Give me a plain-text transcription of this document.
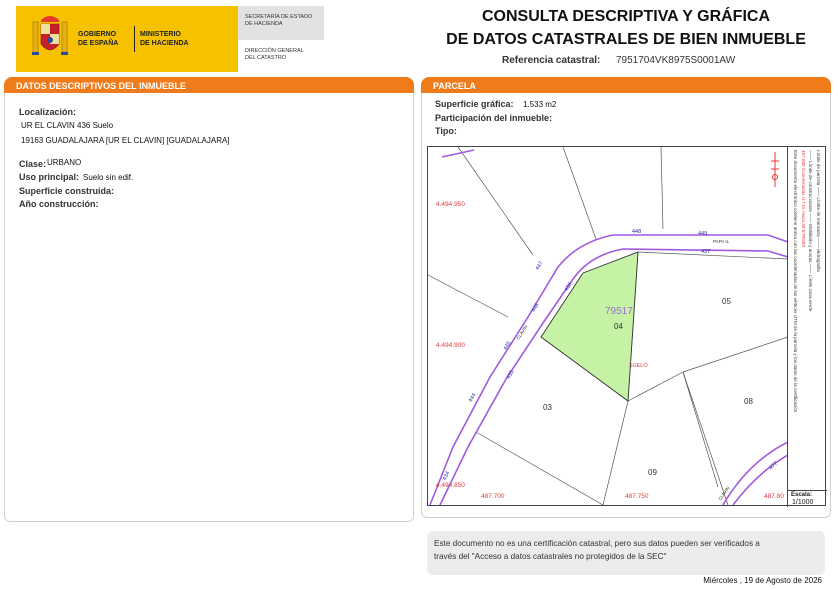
GOBIERNO
DE ESPAÑA
MINISTERIO
DE HACIENDA
SECRETARÍA DE ESTADO
DE HACIENDA
DIRECCIÓN GENERAL
DEL CATASTRO
CONSULTA DESCRIPTIVA Y GRÁFICA
DE DATOS CATASTRALES DE BIEN INMUEBLE
Referencia catastral: 7951704VK8975S0001AW
DATOS DESCRIPTIVOS DEL INMUEBLE
Localización:
UR EL CLAVIN 436 Suelo
19163 GUADALAJARA [UR EL CLAVIN] [GUADALAJARA]
Clase: URBANO
Uso principal: Suelo sin edif.
Superficie construida:
Año construcción:
PARCELA
Superficie gráfica: 1.533 m2
Participación del inmueble:
Tipo:
4.494.950
4.494.900
4.494.850
487.700	487.750	487.80
79517
04
05
03
08
09
SUELO
448	449
437
447
446
436
445
435
444
434
477
PAPA IL
CLAVIN
CLAVIN
Límite de parcela ─── Límite de manzana ─── Hidrografía
─── Límite de construcciones ─── Mobiliario y aceras ─── Límite zona verde
487,600 Coordenadas U.T.M. Huso 30 ETRS89
Este documento electrónico contiene anexo con las coordenadas de los vértices UTM de la parcela y los datos de la certificación
Escala:
1/1000
Este documento no es una certificación catastral, pero sus datos pueden ser verificados a
través del "Acceso a datos catastrales no protegidos de la SEC"
Miércoles , 19 de Agosto de 2026
